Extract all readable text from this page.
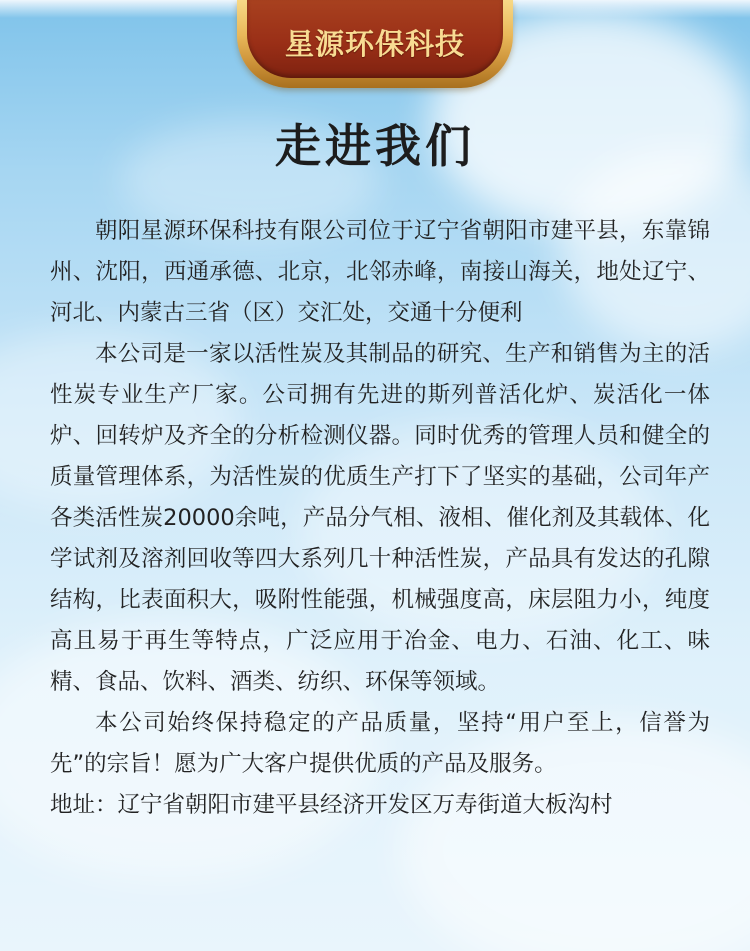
星源环保科技
走进我们

朝阳星源环保科技有限公司位于辽宁省朝阳市建平县，东靠锦州、沈阳，西通承德、北京，北邻赤峰，南接山海关，地处辽宁、河北、内蒙古三省（区）交汇处，交通十分便利

本公司是一家以活性炭及其制品的研究、生产和销售为主的活性炭专业生产厂家。公司拥有先进的斯列普活化炉、炭活化一体炉、回转炉及齐全的分析检测仪器。同时优秀的管理人员和健全的质量管理体系，为活性炭的优质生产打下了坚实的基础，公司年产各类活性炭20000余吨，产品分气相、液相、催化剂及其载体、化学试剂及溶剂回收等四大系列几十种活性炭，产品具有发达的孔隙结构，比表面积大，吸附性能强，机械强度高，床层阻力小，纯度高且易于再生等特点，广泛应用于冶金、电力、石油、化工、味精、食品、饮料、酒类、纺织、环保等领域。

本公司始终保持稳定的产品质量，坚持“用户至上，信誉为先”的宗旨！愿为广大客户提供优质的产品及服务。

地址：辽宁省朝阳市建平县经济开发区万寿街道大板沟村
